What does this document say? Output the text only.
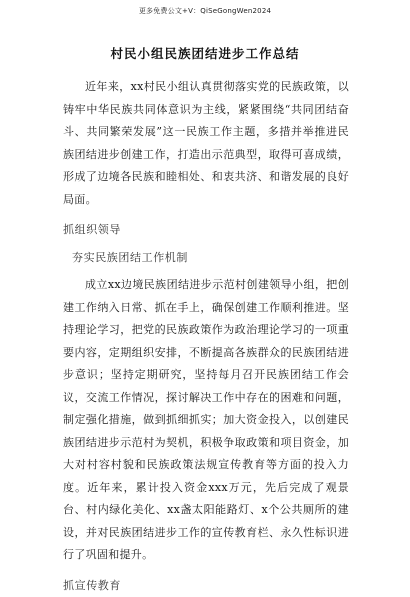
更多免费公文+V：QiSeGongWen2024
村民小组民族团结进步工作总结

近年来，xx村民小组认真贯彻落实党的民族政策，以铸牢中华民族共同体意识为主线，紧紧围绕“共同团结奋斗、共同繁荣发展”这一民族工作主题，多措并举推进民族团结进步创建工作，打造出示范典型，取得可喜成绩，形成了边境各民族和睦相处、和衷共济、和谐发展的良好局面。

抓组织领导

夯实民族团结工作机制

成立xx边境民族团结进步示范村创建领导小组，把创建工作纳入日常、抓在手上，确保创建工作顺利推进。坚持理论学习，把党的民族政策作为政治理论学习的一项重要内容，定期组织安排，不断提高各族群众的民族团结进步意识；坚持定期研究，坚持每月召开民族团结工作会议，交流工作情况，探讨解决工作中存在的困难和问题，制定强化措施，做到抓细抓实；加大资金投入，以创建民族团结进步示范村为契机，积极争取政策和项目资金，加大对村容村貌和民族政策法规宣传教育等方面的投入力度。近年来，累计投入资金xxx万元，先后完成了观景台、村内绿化美化、xx盏太阳能路灯、x个公共厕所的建设，并对民族团结进步工作的宣传教育栏、永久性标识进行了巩固和提升。

抓宣传教育
